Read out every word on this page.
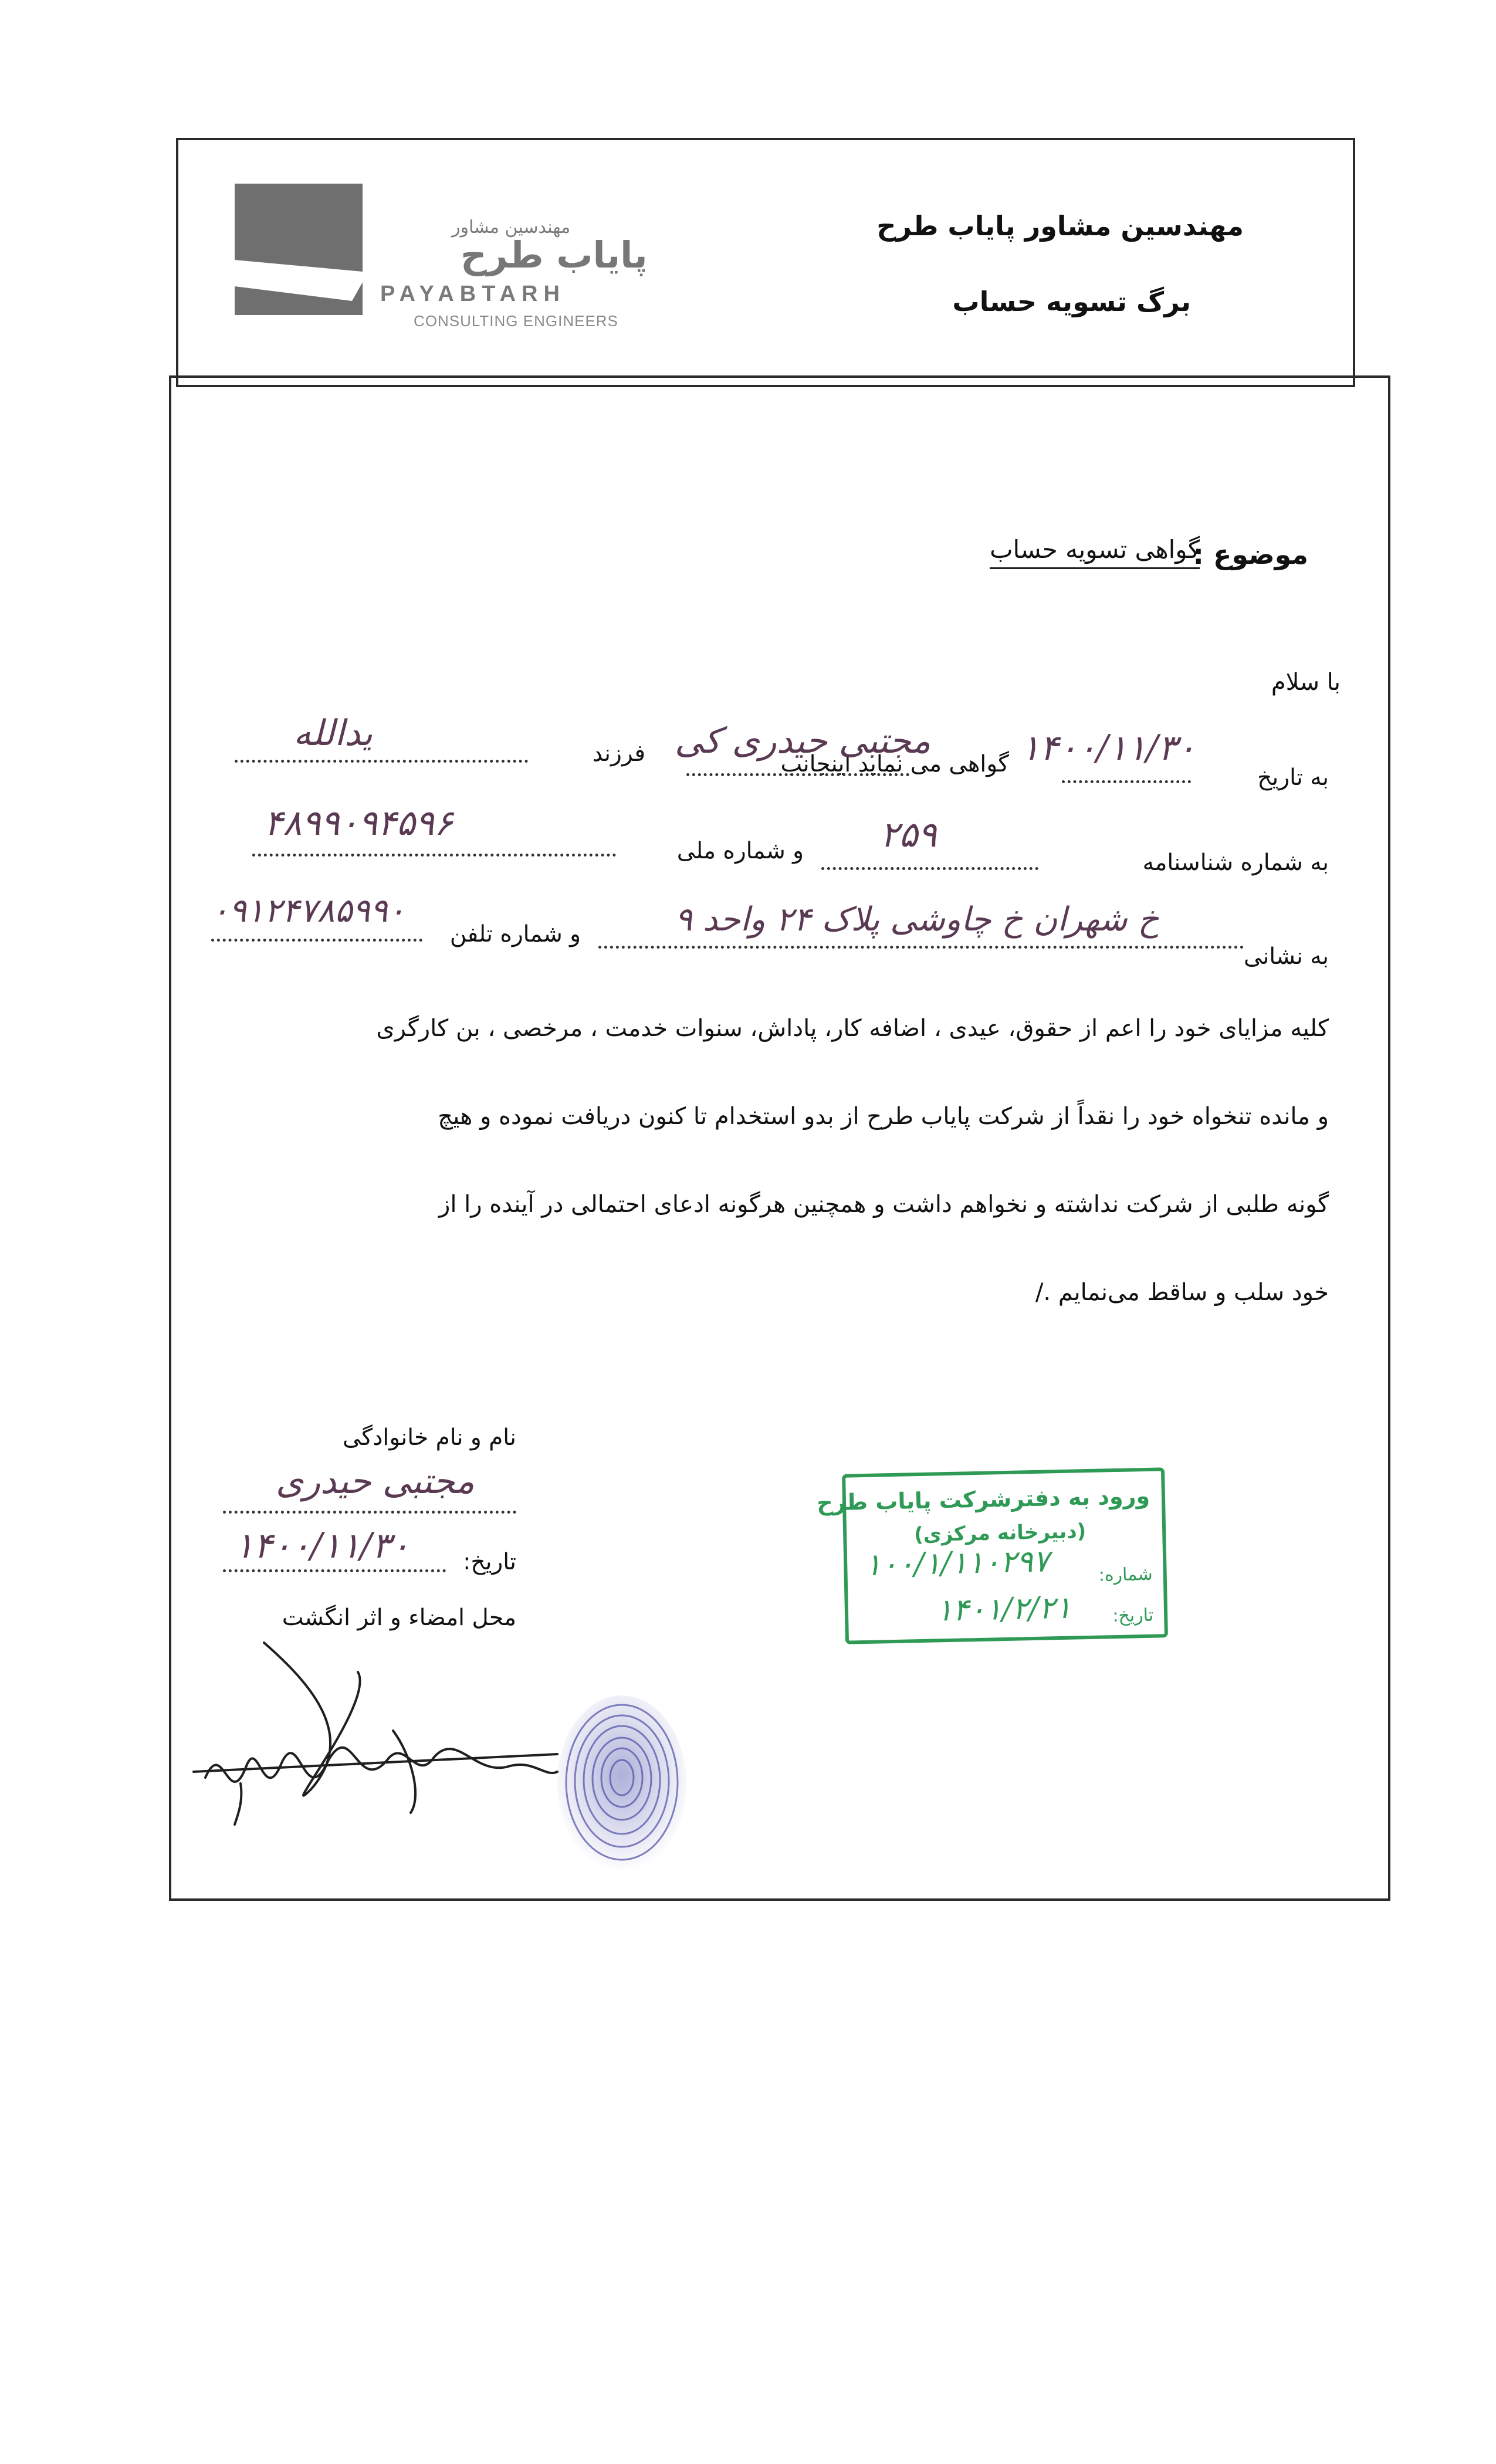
مهندسین مشاور
پایاب طرح
PAYABTARH
CONSULTING ENGINEERS
مهندسین مشاور پایاب طرح
برگ تسویه حساب
موضوع :
گواهی تسویه حساب
با سلام
به تاریخ
۱۴۰۰/۱۱/۳۰
گواهی می نماید اینجانب
مجتبی حیدری کی
فرزند
یدالله
به شماره شناسنامه
۲۵۹
و شماره ملی
۴۸۹۹۰۹۴۵۹۶
به نشانی
خ شهران خ چاوشی پلاک ۲۴ واحد ۹
و شماره تلفن
۰۹۱۲۴۷۸۵۹۹۰
کلیه مزایای خود را اعم از حقوق، عیدی ، اضافه کار، پاداش، سنوات خدمت ، مرخصی ، بن کارگری
و مانده تنخواه خود را نقداً از شرکت پایاب طرح از بدو استخدام تا کنون دریافت نموده و هیچ
گونه طلبی از شرکت نداشته و نخواهم داشت و همچنین هرگونه ادعای احتمالی در آینده را از
خود سلب و ساقط می‌نمایم ./
نام و نام خانوادگی
مجتبی حیدری
تاریخ:
۱۴۰۰/۱۱/۳۰
محل امضاء و اثر انگشت
ورود به دفترشرکت پایاب طرح
(دبیرخانه مرکزی)
شماره:
تاریخ:
۱۰۰/۱/۱۱۰۲۹۷
۱۴۰۱/۲/۲۱
